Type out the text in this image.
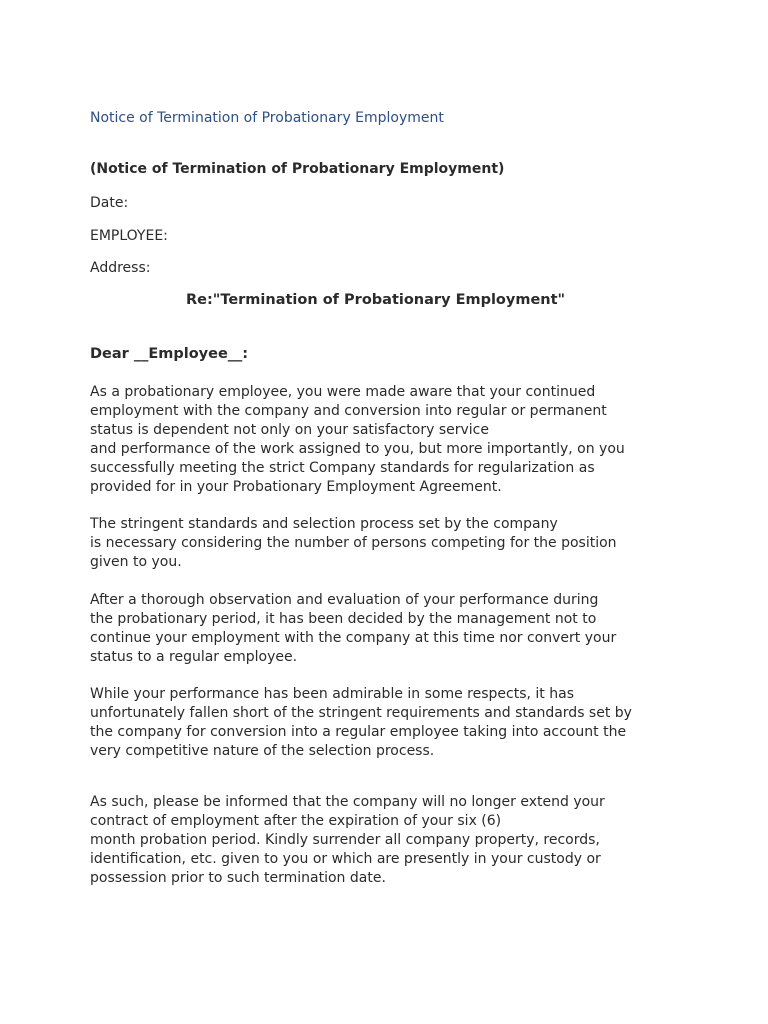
Notice of Termination of Probationary Employment
(Notice of Termination of Probationary Employment)
Date:
EMPLOYEE:
Address:
Re:"Termination of Probationary Employment"
Dear __Employee__:

As a probationary employee, you were made aware that your continued
employment with the company and conversion into regular or permanent
status is dependent not only on your satisfactory service
and performance of the work assigned to you, but more importantly, on you
successfully meeting the strict Company standards for regularization as
provided for in your Probationary Employment Agreement.

The stringent standards and selection process set by the company
is necessary considering the number of persons competing for the position
given to you.

After a thorough observation and evaluation of your performance during
the probationary period, it has been decided by the management not to
continue your employment with the company at this time nor convert your
status to a regular employee.

While your performance has been admirable in some respects, it has
unfortunately fallen short of the stringent requirements and standards set by
the company for conversion into a regular employee taking into account the
very competitive nature of the selection process.

As such, please be informed that the company will no longer extend your
contract of employment after the expiration of your six (6)
month probation period. Kindly surrender all company property, records,
identification, etc. given to you or which are presently in your custody or
possession prior to such termination date.
